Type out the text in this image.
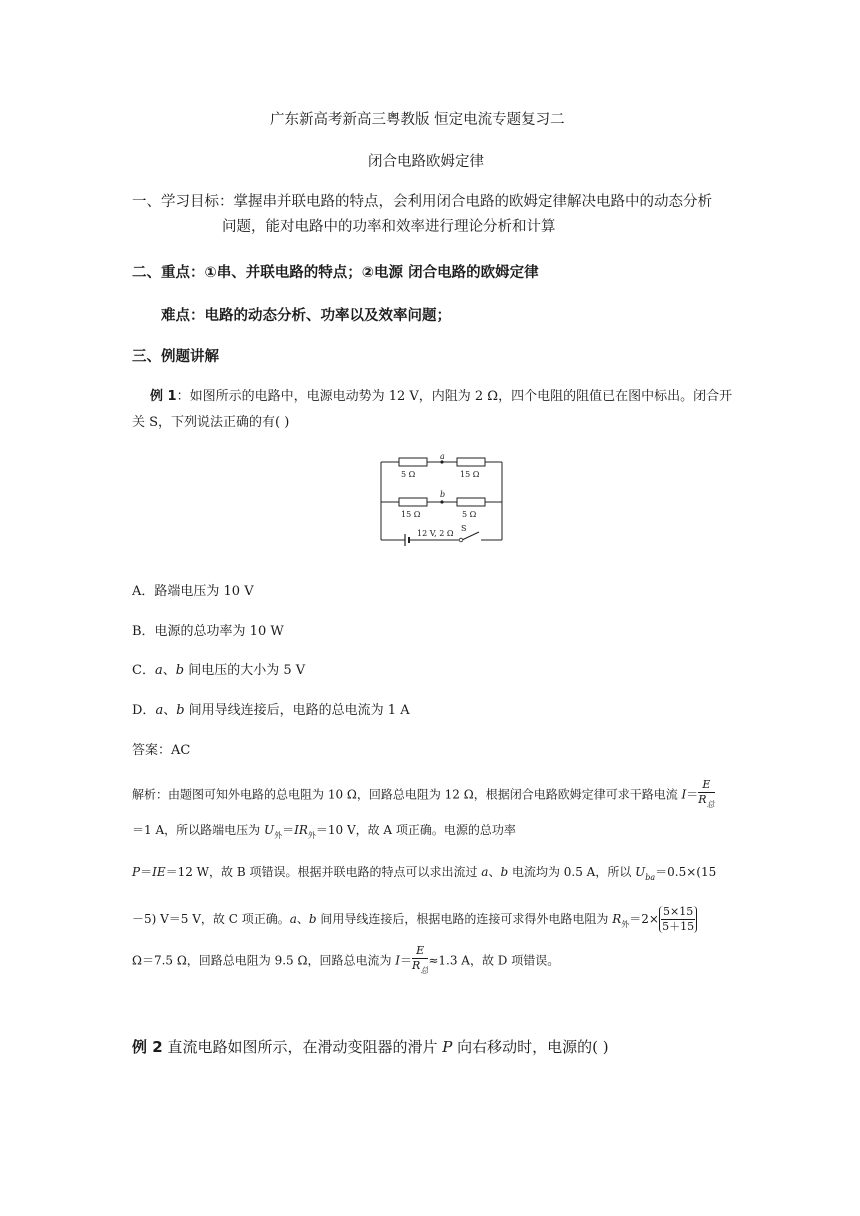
广东新高考新高三粤教版 恒定电流专题复习二
闭合电路欧姆定律
一、学习目标：掌握串并联电路的特点，会利用闭合电路的欧姆定律解决电路中的动态分析
问题，能对电路中的功率和效率进行理论分析和计算
二、重点：①串、并联电路的特点；②电源 闭合电路的欧姆定律
难点：电路的动态分析、功率以及效率问题；
三、例题讲解
例 1：如图所示的电路中，电源电动势为 12 V，内阻为 2 Ω，四个电阻的阻值已在图中标出。闭合开
关 S，下列说法正确的有( )
5 Ω	15 Ω
a
15 Ω	5 Ω
b
12 V, 2 Ω
S
A．路端电压为 10 V
B．电源的总功率为 10 W
C．a、b 间电压的大小为 5 V
D．a、b 间用导线连接后，电路的总电流为 1 A
答案：AC
解析：由题图可知外电路的总电阻为 10 Ω，回路总电阻为 12 Ω，根据闭合电路欧姆定律可求干路电流 $I= \frac{E}{R_总}$
＝1 A，所以路端电压为 $U_外=IR_外=10$ V，故 A 项正确。电源的总功率
P＝IE＝12 W，故 B 项错误。根据并联电路的特点可以求出流过 a、b 电流均为 0.5 A，所以 $U_{ba}=0.5\times(15$
－5) V＝5 V，故 C 项正确。a、b 间用导线连接后，根据电路的连接可求得外电路电阻为 $R_外=2\times \frac{5\times 15}{5+15}$
Ω＝7.5 Ω，回路总电阻为 9.5 Ω，回路总电流为 $I= \frac{E}{R_总} \approx 1.3$ A，故 D 项错误。
例 2 直流电路如图所示，在滑动变阻器的滑片 P 向右移动时，电源的( )
